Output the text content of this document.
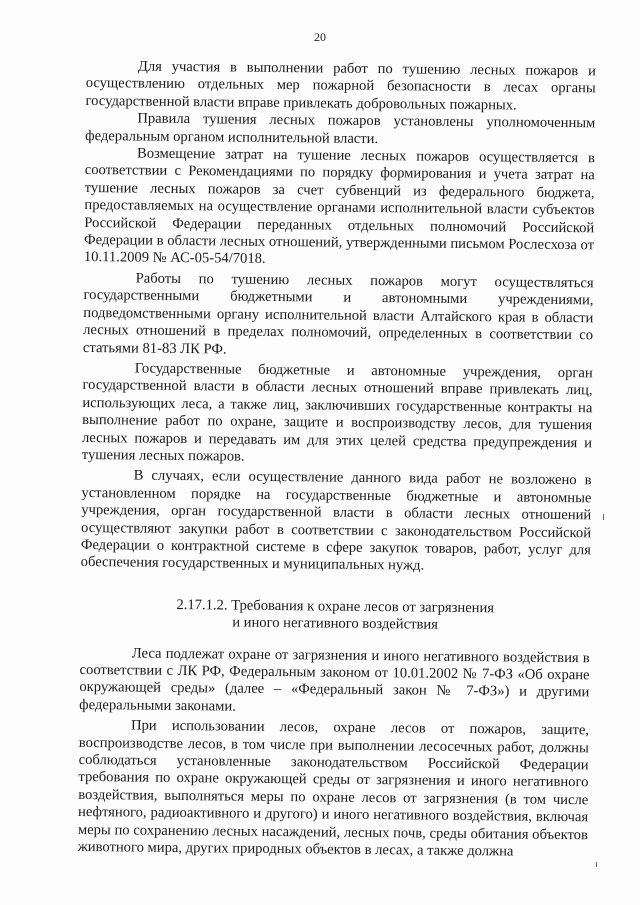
20

Для участия в выполнении работ по тушению лесных пожаров и осуществлению отдельных мер пожарной безопасности в лесах органы государственной власти вправе привлекать добровольных пожарных.

Правила тушения лесных пожаров установлены уполномоченным федеральным органом исполнительной власти.

Возмещение затрат на тушение лесных пожаров осуществляется в соответствии с Рекомендациями по порядку формирования и учета затрат на тушение лесных пожаров за счет субвенций из федерального бюджета, предоставляемых на осуществление органами исполнительной власти субъектов Российской Федерации переданных отдельных полномочий Российской Федерации в области лесных отношений, утвержденными письмом Рослесхоза от 10.11.2009 № АС-05-54/7018.

Работы по тушению лесных пожаров могут осуществляться государственными бюджетными и автономными учреждениями, подведомственными органу исполнительной власти Алтайского края в области лесных отношений в пределах полномочий, определенных в соответствии со статьями 81-83 ЛК РФ.

Государственные бюджетные и автономные учреждения, орган государственной власти в области лесных отношений вправе привлекать лиц, использующих леса, а также лиц, заключивших государственные контракты на выполнение работ по охране, защите и воспроизводству лесов, для тушения лесных пожаров и передавать им для этих целей средства предупреждения и тушения лесных пожаров.

В случаях, если осуществление данного вида работ не возложено в установленном порядке на государственные бюджетные и автономные учреждения, орган государственной власти в области лесных отношений осуществляют закупки работ в соответствии с законодательством Российской Федерации о контрактной системе в сфере закупок товаров, работ, услуг для обеспечения государственных и муниципальных нужд.

2.17.1.2. Требования к охране лесов от загрязнения
и иного негативного воздействия

Леса подлежат охране от загрязнения и иного негативного воздействия в соответствии с ЛК РФ, Федеральным законом от 10.01.2002 № 7-ФЗ «Об охране окружающей среды» (далее – «Федеральный закон № 7-ФЗ») и другими федеральными законами.

При использовании лесов, охране лесов от пожаров, защите, воспроизводстве лесов, в том числе при выполнении лесосечных работ, должны соблюдаться установленные законодательством Российской Федерации требования по охране окружающей среды от загрязнения и иного негативного воздействия, выполняться меры по охране лесов от загрязнения (в том числе нефтяного, радиоактивного и другого) и иного негативного воздействия, включая меры по сохранению лесных насаждений, лесных почв, среды обитания объектов животного мира, других природных объектов в лесах, а также должна
